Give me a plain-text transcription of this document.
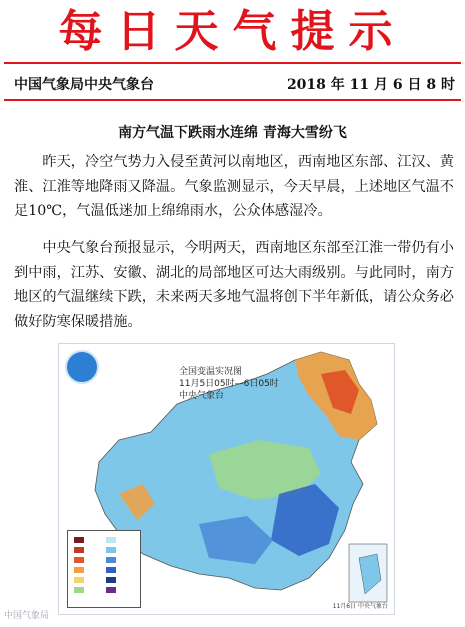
每日天气提示
中国气象局中央气象台	2018 年 11 月 6 日 8 时
南方气温下跌雨水连绵 青海大雪纷飞
昨天，冷空气势力入侵至黄河以南地区，西南地区东部、江汉、黄淮、江淮等地降雨又降温。气象监测显示，今天早晨，上述地区气温不足10℃，气温低迷加上绵绵雨水，公众体感湿冷。
中央气象台预报显示，今明两天，西南地区东部至江淮一带仍有小到中雨，江苏、安徽、湖北的局部地区可达大雨级别。与此同时，南方地区的气温继续下跌，未来两天多地气温将创下半年新低，请公众务必做好防寒保暖措施。
全国变温实况图
11月5日05时—6日05时
中央气象台
11月6日 中央气象台
中国气象局
